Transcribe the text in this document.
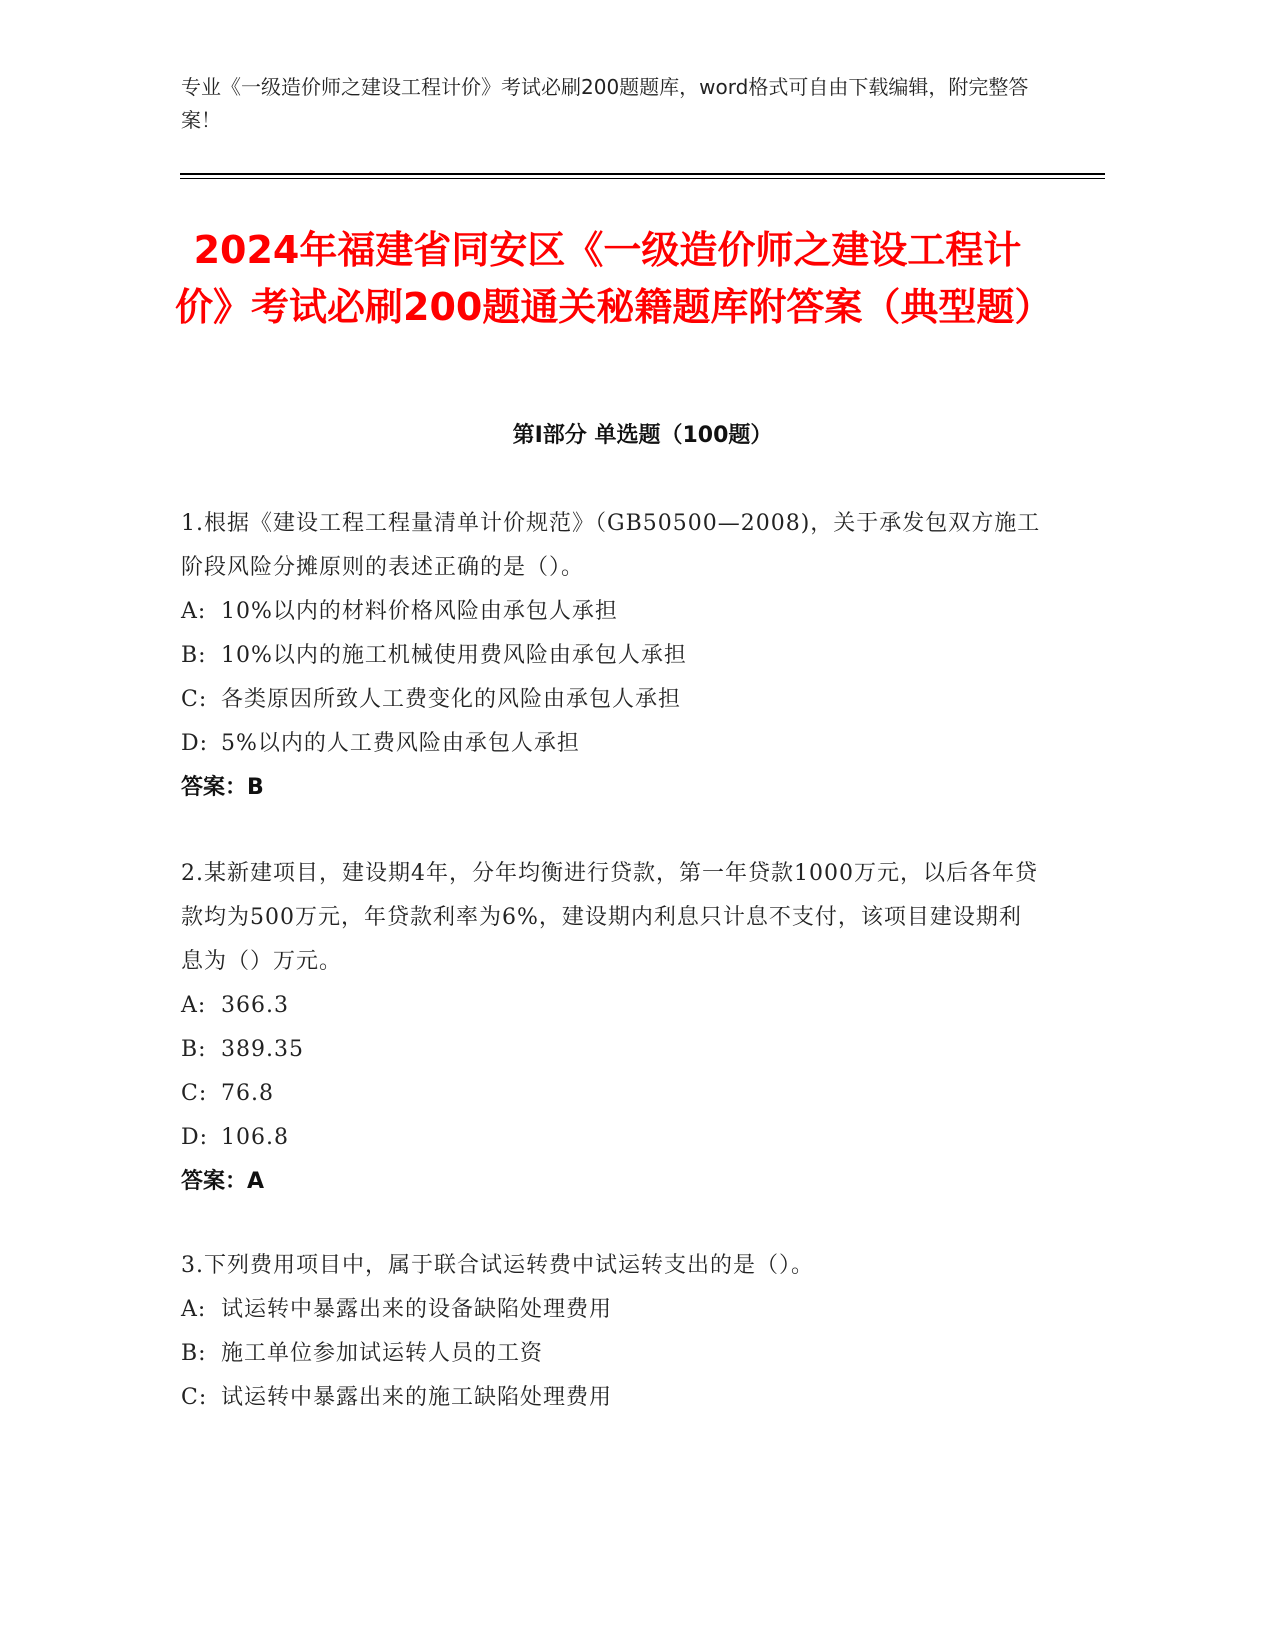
专业《一级造价师之建设工程计价》考试必刷200题题库，word格式可自由下载编辑，附完整答案！
2024年福建省同安区《一级造价师之建设工程计价》考试必刷200题通关秘籍题库附答案（典型题）
第I部分 单选题（100题）
1.根据《建设工程工程量清单计价规范》（GB50500—2008)，关于承发包双方施工阶段风险分摊原则的表述正确的是（）。
A: 10%以内的材料价格风险由承包人承担
B: 10%以内的施工机械使用费风险由承包人承担
C: 各类原因所致人工费变化的风险由承包人承担
D: 5%以内的人工费风险由承包人承担
答案：B
2.某新建项目，建设期4年，分年均衡进行贷款，第一年贷款1000万元，以后各年贷款均为500万元，年贷款利率为6%，建设期内利息只计息不支付，该项目建设期利息为（）万元。
A: 366.3
B: 389.35
C: 76.8
D: 106.8
答案：A
3.下列费用项目中，属于联合试运转费中试运转支出的是（）。
A: 试运转中暴露出来的设备缺陷处理费用
B: 施工单位参加试运转人员的工资
C: 试运转中暴露出来的施工缺陷处理费用
